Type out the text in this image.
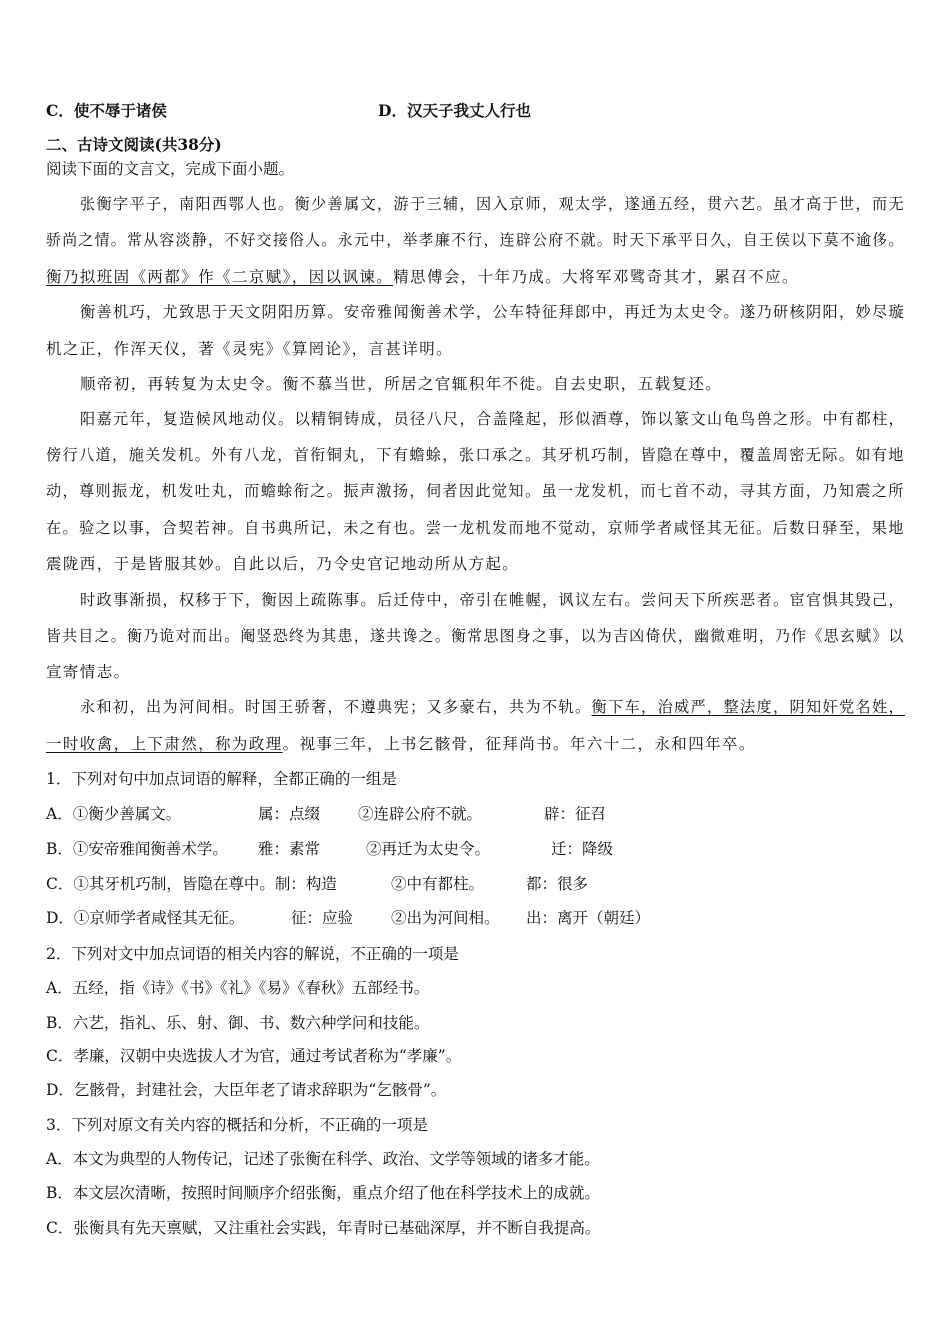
C．使不辱于诸侯	D．汉天子我丈人行也
二、古诗文阅读(共38分)
阅读下面的文言文，完成下面小题。
张衡字平子，南阳西鄂人也。衡少善属文，游于三辅，因入京师，观太学，遂通五经，贯六艺。虽才高于世，而无
骄尚之情。常从容淡静，不好交接俗人。永元中，举孝廉不行，连辟公府不就。时天下承平日久，自王侯以下莫不逾侈。
衡乃拟班固《两都》作《二京赋》，因以讽谏。精思傅会，十年乃成。大将军邓骘奇其才，累召不应。
衡善机巧，尤致思于天文阴阳历算。安帝雅闻衡善术学，公车特征拜郎中，再迁为太史令。遂乃研核阴阳，妙尽璇
机之正，作浑天仪，著《灵宪》《算罔论》，言甚详明。
顺帝初，再转复为太史令。衡不慕当世，所居之官辄积年不徙。自去史职，五载复还。
阳嘉元年，复造候风地动仪。以精铜铸成，员径八尺，合盖隆起，形似酒尊，饰以篆文山龟鸟兽之形。中有都柱，
傍行八道，施关发机。外有八龙，首衔铜丸，下有蟾蜍，张口承之。其牙机巧制，皆隐在尊中，覆盖周密无际。如有地
动，尊则振龙，机发吐丸，而蟾蜍衔之。振声激扬，伺者因此觉知。虽一龙发机，而七首不动，寻其方面，乃知震之所
在。验之以事，合契若神。自书典所记，未之有也。尝一龙机发而地不觉动，京师学者咸怪其无征。后数日驿至，果地
震陇西，于是皆服其妙。自此以后，乃令史官记地动所从方起。
时政事渐损，权移于下，衡因上疏陈事。后迁侍中，帝引在帷幄，讽议左右。尝问天下所疾恶者。宦官惧其毁己，
皆共目之。衡乃诡对而出。阉竖恐终为其患，遂共谗之。衡常思图身之事，以为吉凶倚伏，幽微难明，乃作《思玄赋》以
宣寄情志。
永和初，出为河间相。时国王骄奢，不遵典宪；又多豪右，共为不轨。衡下车，治威严，整法度，阴知奸党名姓，
一时收禽，上下肃然，称为政理。视事三年，上书乞骸骨，征拜尚书。年六十二，永和四年卒。
1．下列对句中加点词语的解释，全都正确的一组是
A．①衡少善属文。	属：点缀 ②连辟公府不就。	辟：征召
B．①安帝雅闻衡善术学。 雅：素常	②再迁为太史令。	迁：降级
C．①其牙机巧制，皆隐在尊中。制：构造	②中有都柱。	都：很多
D．①京师学者咸怪其无征。	征：应验 ②出为河间相。 出：离开（朝廷）
2．下列对文中加点词语的相关内容的解说，不正确的一项是
A．五经，指《诗》《书》《礼》《易》《春秋》五部经书。
B．六艺，指礼、乐、射、御、书、数六种学问和技能。
C．孝廉，汉朝中央选拔人才为官，通过考试者称为“孝廉”。
D．乞骸骨，封建社会，大臣年老了请求辞职为“乞骸骨”。
3．下列对原文有关内容的概括和分析，不正确的一项是
A．本文为典型的人物传记，记述了张衡在科学、政治、文学等领域的诸多才能。
B．本文层次清晰，按照时间顺序介绍张衡，重点介绍了他在科学技术上的成就。
C．张衡具有先天禀赋，又注重社会实践，年青时已基础深厚，并不断自我提高。
